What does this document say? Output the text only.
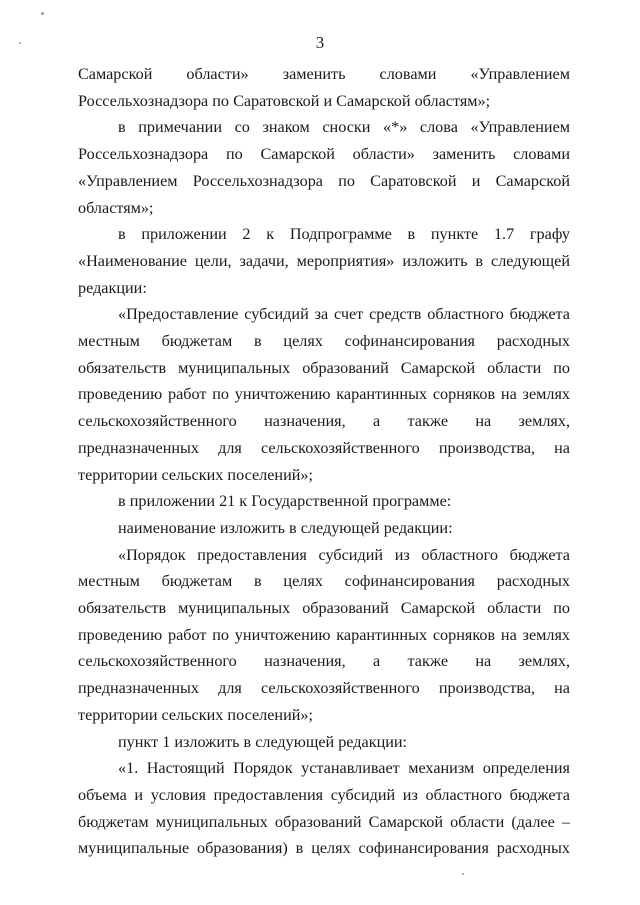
3

Самарской области» заменить словами «Управлением Россельхознадзора по Саратовской и Самарской областям»;

в примечании со знаком сноски «*» слова «Управлением Россельхознадзора по Самарской области» заменить словами «Управлением Россельхознадзора по Саратовской и Самарской областям»;

в приложении 2 к Подпрограмме в пункте 1.7 графу «Наименование цели, задачи, мероприятия» изложить в следующей редакции:

«Предоставление субсидий за счет средств областного бюджета местным бюджетам в целях софинансирования расходных обязательств муниципальных образований Самарской области по проведению работ по уничтожению карантинных сорняков на землях сельскохозяйственного назначения, а также на землях, предназначенных для сельскохозяйственного производства, на территории сельских поселений»;

в приложении 21 к Государственной программе:

наименование изложить в следующей редакции:

«Порядок предоставления субсидий из областного бюджета местным бюджетам в целях софинансирования расходных обязательств муниципальных образований Самарской области по проведению работ по уничтожению карантинных сорняков на землях сельскохозяйственного назначения, а также на землях, предназначенных для сельскохозяйственного производства, на территории сельских поселений»;

пункт 1 изложить в следующей редакции:

«1. Настоящий Порядок устанавливает механизм определения объема и условия предоставления субсидий из областного бюджета бюджетам муниципальных образований Самарской области (далее – муниципальные образования) в целях софинансирования расходных
